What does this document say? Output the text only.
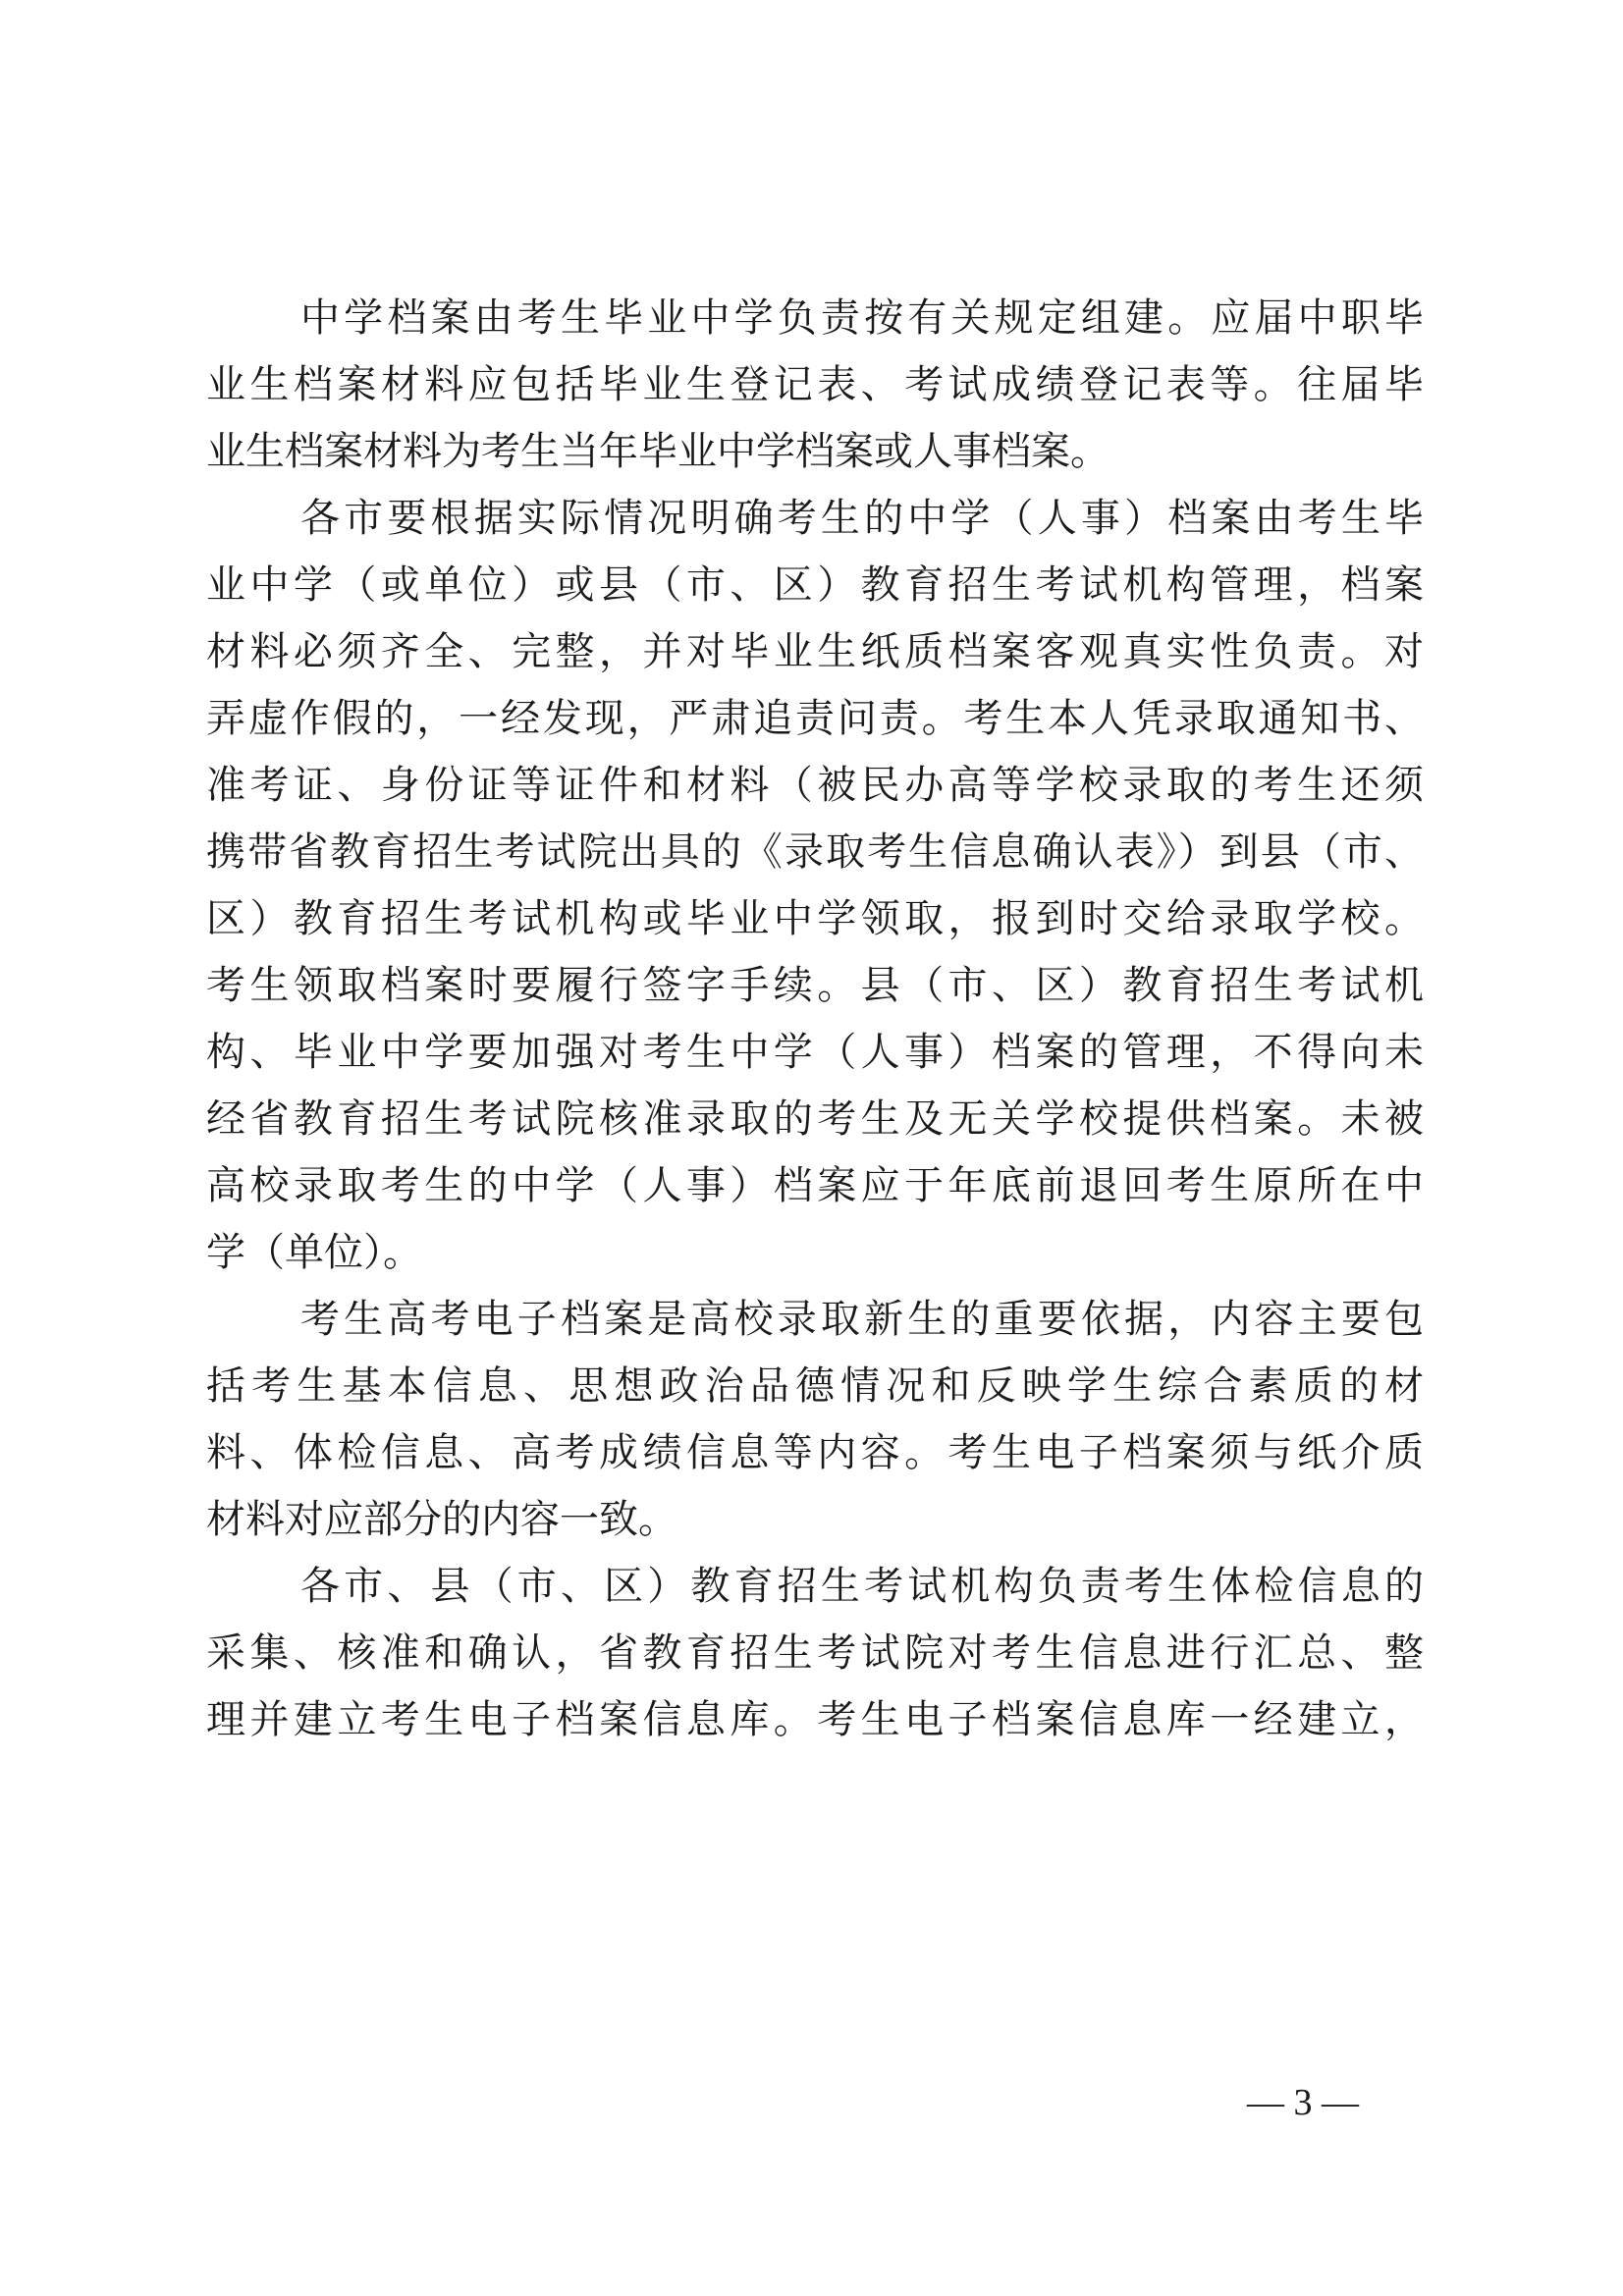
中学档案由考生毕业中学负责按有关规定组建。应届中职毕
业生档案材料应包括毕业生登记表、考试成绩登记表等。往届毕
业生档案材料为考生当年毕业中学档案或人事档案。
各市要根据实际情况明确考生的中学（人事）档案由考生毕
业中学（或单位）或县（市、区）教育招生考试机构管理，档案
材料必须齐全、完整，并对毕业生纸质档案客观真实性负责。对
弄虚作假的，一经发现，严肃追责问责。考生本人凭录取通知书、
准考证、身份证等证件和材料（被民办高等学校录取的考生还须
携带省教育招生考试院出具的《录取考生信息确认表》）到县（市、
区）教育招生考试机构或毕业中学领取，报到时交给录取学校。
考生领取档案时要履行签字手续。县（市、区）教育招生考试机
构、毕业中学要加强对考生中学（人事）档案的管理，不得向未
经省教育招生考试院核准录取的考生及无关学校提供档案。未被
高校录取考生的中学（人事）档案应于年底前退回考生原所在中
学（单位）。
考生高考电子档案是高校录取新生的重要依据，内容主要包
括考生基本信息、思想政治品德情况和反映学生综合素质的材
料、体检信息、高考成绩信息等内容。考生电子档案须与纸介质
材料对应部分的内容一致。
各市、县（市、区）教育招生考试机构负责考生体检信息的
采集、核准和确认，省教育招生考试院对考生信息进行汇总、整
理并建立考生电子档案信息库。考生电子档案信息库一经建立，
— 3 —
